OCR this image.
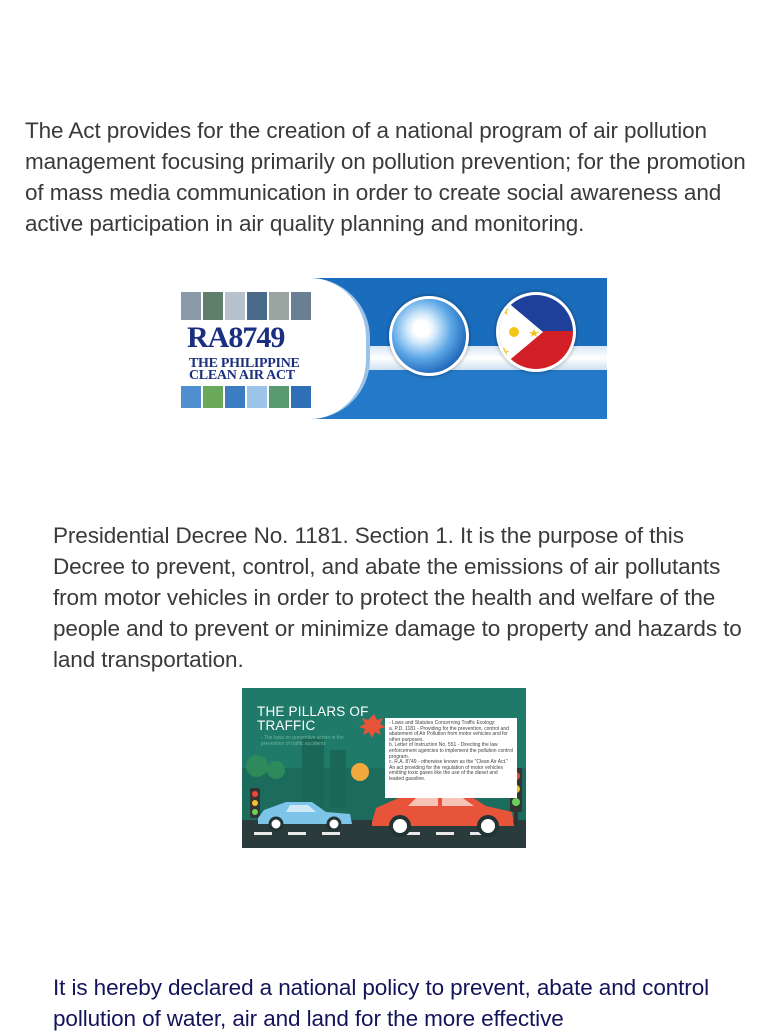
The Act provides for the creation of a national program of air pollution management focusing primarily on pollution prevention; for the promotion of mass media communication in order to create social awareness and active participation in air quality planning and monitoring.

RA8749
THE PHILIPPINE CLEAN AIR ACT

Presidential Decree No. 1181. Section 1. It is the purpose of this Decree to prevent, control, and abate the emissions of air pollutants from motor vehicles in order to protect the health and welfare of the people and to prevent or minimize damage to property and hazards to land transportation.

THE PILLARS OF TRAFFIC
- The laws on preventive action in the prevention of traffic accidents
- Laws and Statutes Concerning Traffic Ecology:
a. P.D. 1181 - Providing for the prevention, control and abatement of Air Pollution from motor vehicles and for other purposes.
b. Letter of Instruction No. 551 - Directing the law enforcement agencies to implement the pollution control program.
c. R.A. 8749 - otherwise known as the "Clean Air Act." An act providing for the regulation of motor vehicles emitting toxic gases like the use of the diesel and leaded gasoline.

It is hereby declared a national policy to prevent, abate and control pollution of water, air and land for the more effective
